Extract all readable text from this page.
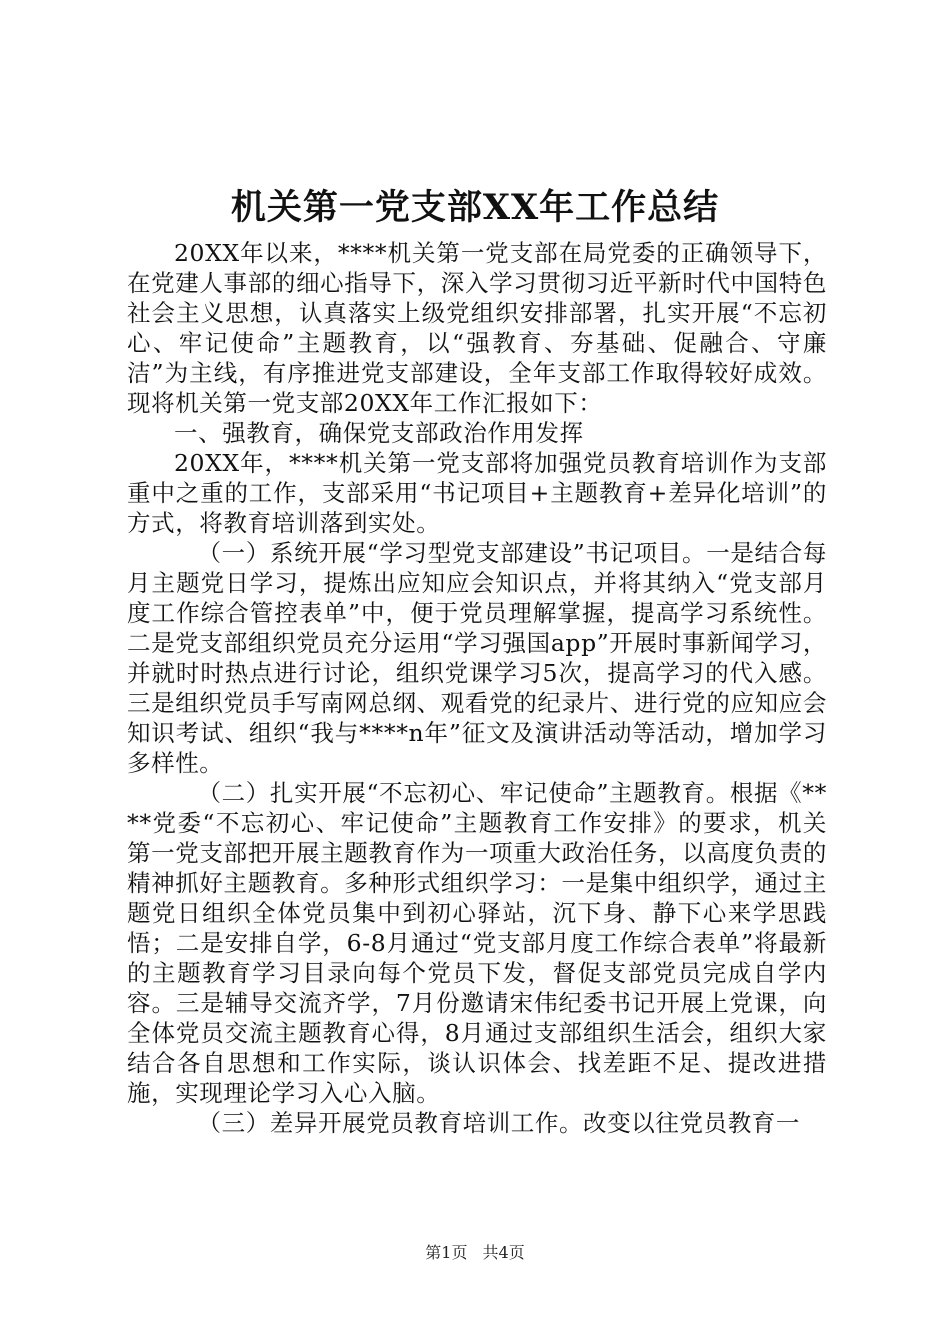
机关第一党支部XX年工作总结

20XX年以来，****机关第一党支部在局党委的正确领导下，在党建人事部的细心指导下，深入学习贯彻习近平新时代中国特色社会主义思想，认真落实上级党组织安排部署，扎实开展“不忘初心、牢记使命”主题教育，以“强教育、夯基础、促融合、守廉洁”为主线，有序推进党支部建设，全年支部工作取得较好成效。现将机关第一党支部20XX年工作汇报如下：

一、强教育，确保党支部政治作用发挥

20XX年，****机关第一党支部将加强党员教育培训作为支部重中之重的工作，支部采用“书记项目+主题教育+差异化培训”的方式，将教育培训落到实处。

（一）系统开展“学习型党支部建设”书记项目。一是结合每月主题党日学习，提炼出应知应会知识点，并将其纳入“党支部月度工作综合管控表单”中，便于党员理解掌握，提高学习系统性。二是党支部组织党员充分运用“学习强国app”开展时事新闻学习，并就时时热点进行讨论，组织党课学习5次，提高学习的代入感。三是组织党员手写南网总纲、观看党的纪录片、进行党的应知应会知识考试、组织“我与****n年”征文及演讲活动等活动，增加学习多样性。

（二）扎实开展“不忘初心、牢记使命”主题教育。根据《****党委“不忘初心、牢记使命”主题教育工作安排》的要求，机关第一党支部把开展主题教育作为一项重大政治任务，以高度负责的精神抓好主题教育。多种形式组织学习：一是集中组织学，通过主题党日组织全体党员集中到初心驿站，沉下身、静下心来学思践悟；二是安排自学，6-8月通过“党支部月度工作综合表单”将最新的主题教育学习目录向每个党员下发，督促支部党员完成自学内容。三是辅导交流齐学，7月份邀请宋伟纪委书记开展上党课，向全体党员交流主题教育心得，8月通过支部组织生活会，组织大家结合各自思想和工作实际，谈认识体会、找差距不足、提改进措施，实现理论学习入心入脑。

（三）差异开展党员教育培训工作。改变以往党员教育一

第1页 共4页
